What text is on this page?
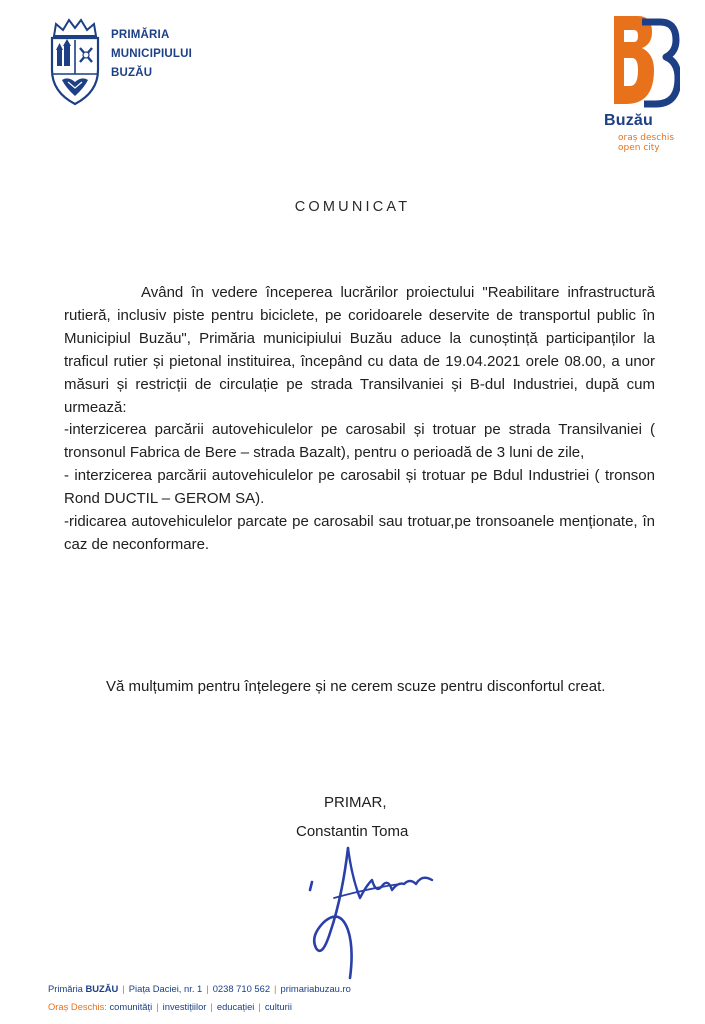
PRIMĂRIA
MUNICIPIULUI
BUZĂU
Buzău
oraș deschis
open city
COMUNICAT

Având în vedere începerea lucrărilor proiectului "Reabilitare infrastructură rutieră, inclusiv piste pentru biciclete, pe coridoarele deservite de transportul public în Municipiul Buzău", Primăria municipiului Buzău aduce la cunoștință participanților la traficul rutier și pietonal instituirea, începând cu data de 19.04.2021 orele 08.00, a unor măsuri și restricții de circulație pe strada Transilvaniei și B-dul Industriei, după cum urmează:

-interzicerea parcării autovehiculelor pe carosabil și trotuar pe strada Transilvaniei ( tronsonul Fabrica de Bere – strada Bazalt), pentru o perioadă de 3 luni de zile,

- interzicerea parcării autovehiculelor pe carosabil și trotuar pe Bdul Industriei ( tronson Rond DUCTIL – GEROM SA).

-ridicarea autovehiculelor parcate pe carosabil sau trotuar,pe tronsoanele menționate, în caz de neconformare.

Vă mulțumim pentru înțelegere și ne cerem scuze pentru disconfortul creat.
PRIMAR,
Constantin Toma
Primăria BUZĂU | Piața Daciei, nr. 1 | 0238 710 562 | primariabuzau.ro
Oraș Deschis: comunități | investițiilor | educației | culturii
